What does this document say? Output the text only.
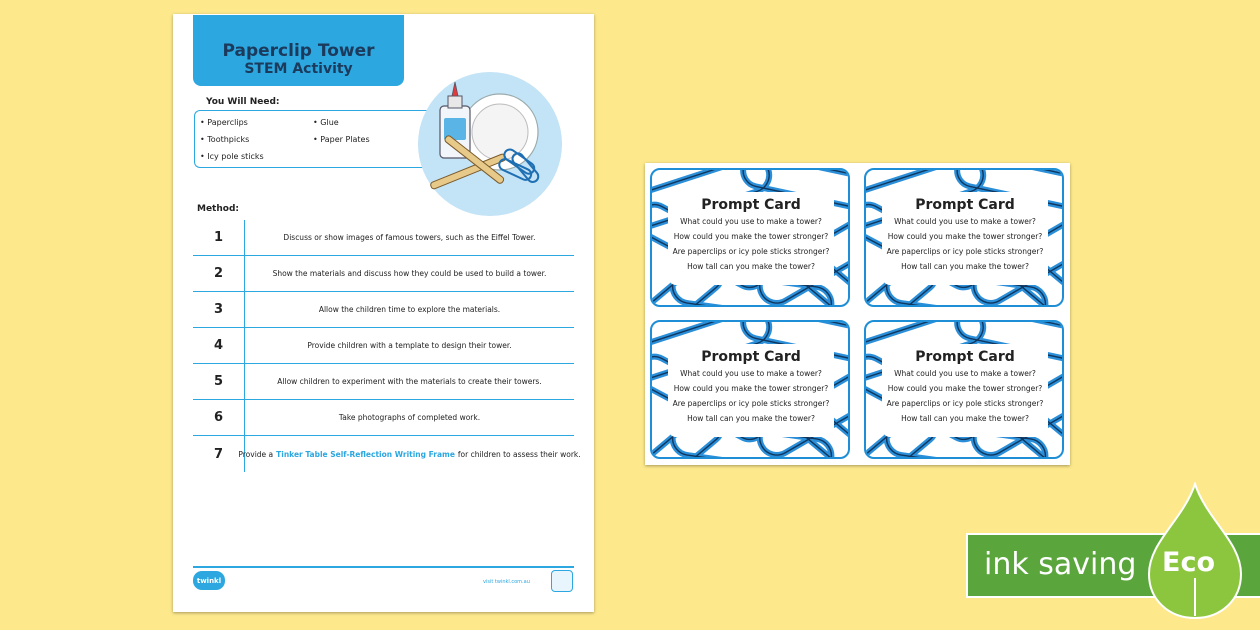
Paperclip Tower
STEM Activity
You Will Need:
• Paperclips
• Toothpicks
• Icy pole sticks
• Glue
• Paper Plates
Method:
1	Discuss or show images of famous towers, such as the Eiffel Tower.
2	Show the materials and discuss how they could be used to build a tower.
3	Allow the children time to explore the materials.
4	Provide children with a template to design their tower.
5	Allow children to experiment with the materials to create their towers.
6	Take photographs of completed work.
7	Provide a Tinker Table Self-Reflection Writing Frame for children to assess their work.
twinkl	visit twinkl.com.au
Prompt Card
What could you use to make a tower?
How could you make the tower stronger?
Are paperclips or icy pole sticks stronger?
How tall can you make the tower?
Prompt Card
What could you use to make a tower?
How could you make the tower stronger?
Are paperclips or icy pole sticks stronger?
How tall can you make the tower?
Prompt Card
What could you use to make a tower?
How could you make the tower stronger?
Are paperclips or icy pole sticks stronger?
How tall can you make the tower?
Prompt Card
What could you use to make a tower?
How could you make the tower stronger?
Are paperclips or icy pole sticks stronger?
How tall can you make the tower?
ink saving Eco
